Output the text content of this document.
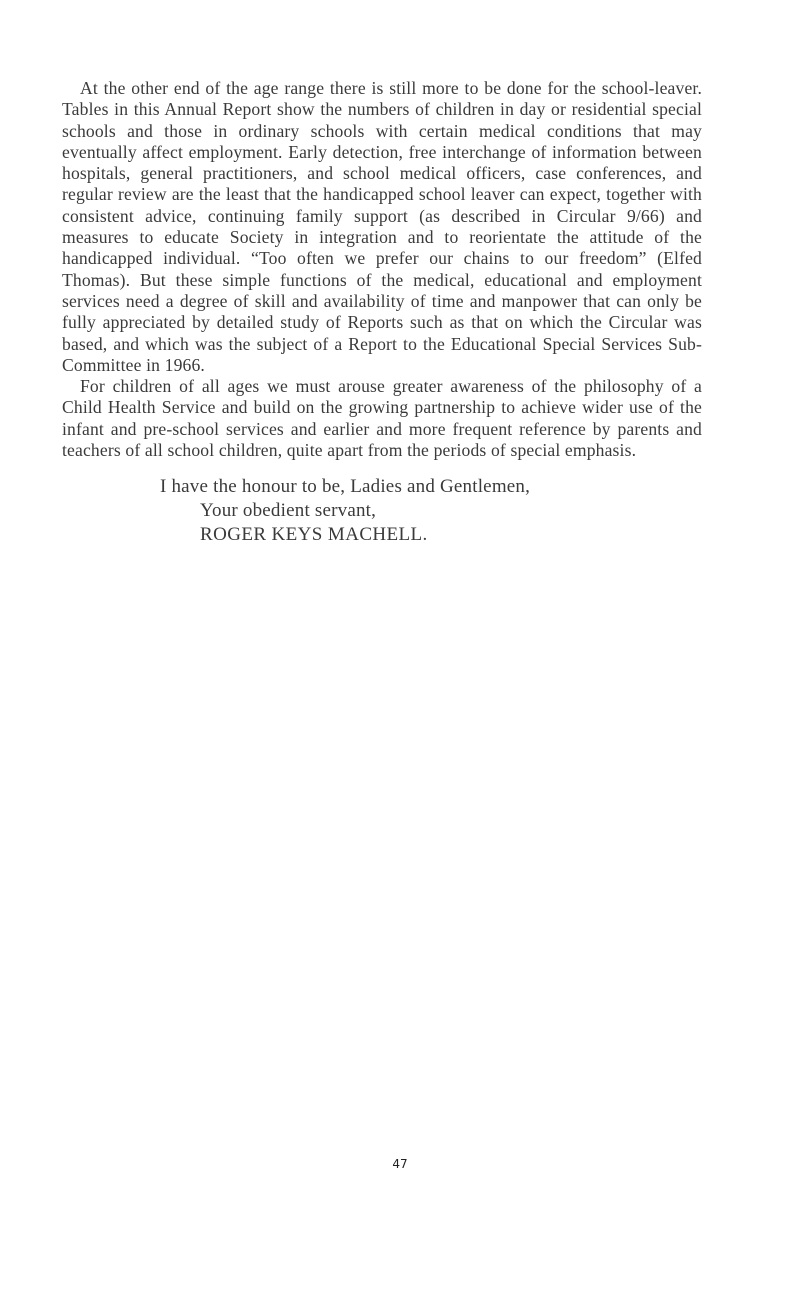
At the other end of the age range there is still more to be done for the school-leaver. Tables in this Annual Report show the numbers of children in day or residential special schools and those in ordinary schools with certain medical conditions that may eventually affect employment. Early detection, free interchange of information between hospitals, general practitioners, and school medical officers, case conferences, and regular review are the least that the handicapped school leaver can expect, together with consistent advice, continuing family support (as described in Circular 9/66) and measures to educate Society in integration and to reorientate the attitude of the handicapped individual. “Too often we prefer our chains to our freedom” (Elfed Thomas). But these simple functions of the medical, educational and employment services need a degree of skill and availability of time and manpower that can only be fully appreciated by detailed study of Reports such as that on which the Circular was based, and which was the subject of a Report to the Educational Special Services Sub-Committee in 1966.

For children of all ages we must arouse greater awareness of the philosophy of a Child Health Service and build on the growing partnership to achieve wider use of the infant and pre-school services and earlier and more frequent reference by parents and teachers of all school children, quite apart from the periods of special emphasis.

I have the honour to be, Ladies and Gentlemen,
Your obedient servant,
ROGER KEYS MACHELL.
47
